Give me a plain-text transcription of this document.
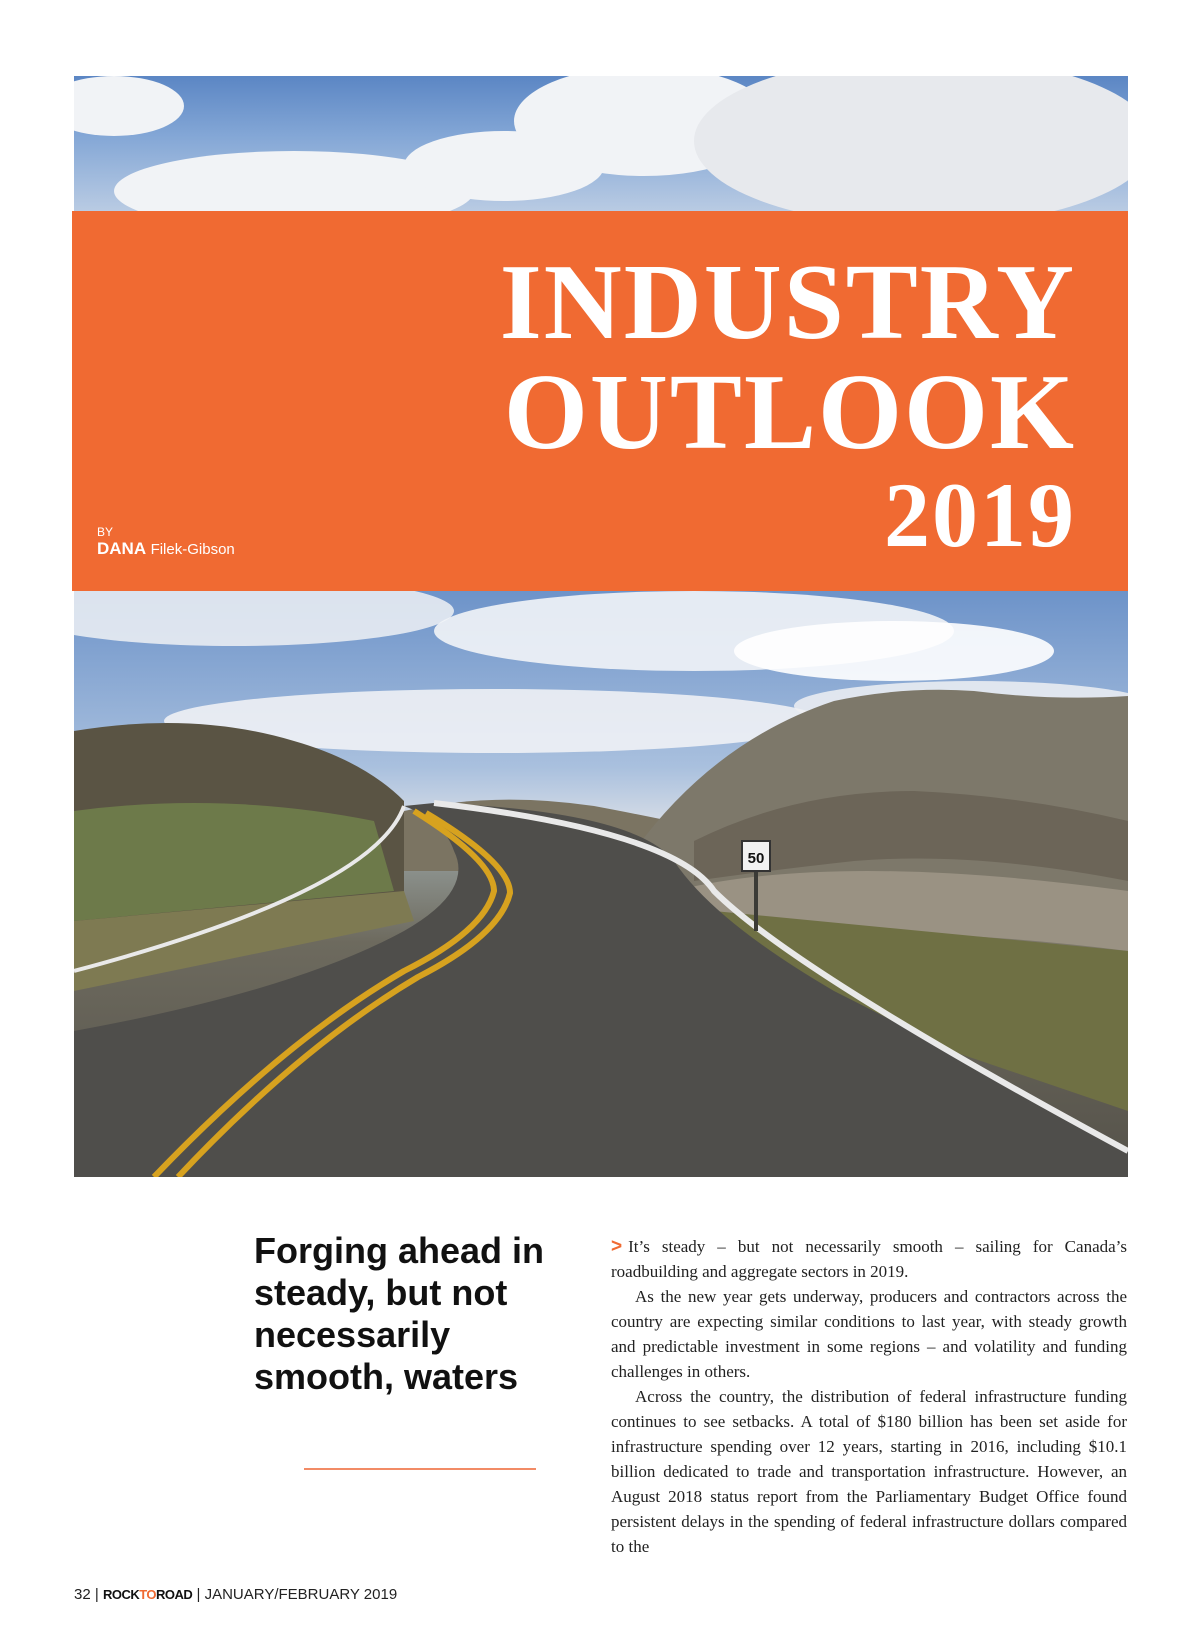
INDUSTRY
OUTLOOK
2019
BY
DANA Filek-Gibson
50
Forging ahead in steady, but not necessarily smooth, waters

> It’s steady – but not necessarily smooth – sailing for Canada’s roadbuilding and aggregate sectors in 2019.

As the new year gets underway, producers and contractors across the country are expecting similar conditions to last year, with steady growth and predictable investment in some regions – and volatility and funding challenges in others.

Across the country, the distribution of federal infrastructure funding continues to see setbacks. A total of $180 billion has been set aside for infrastructure spending over 12 years, starting in 2016, including $10.1 billion dedicated to trade and transportation infrastructure. However, an August 2018 status report from the Parliamentary Budget Office found persistent delays in the spending of federal infrastructure dollars compared to the

32 | ROCKTOROAD | JANUARY/FEBRUARY 2019
